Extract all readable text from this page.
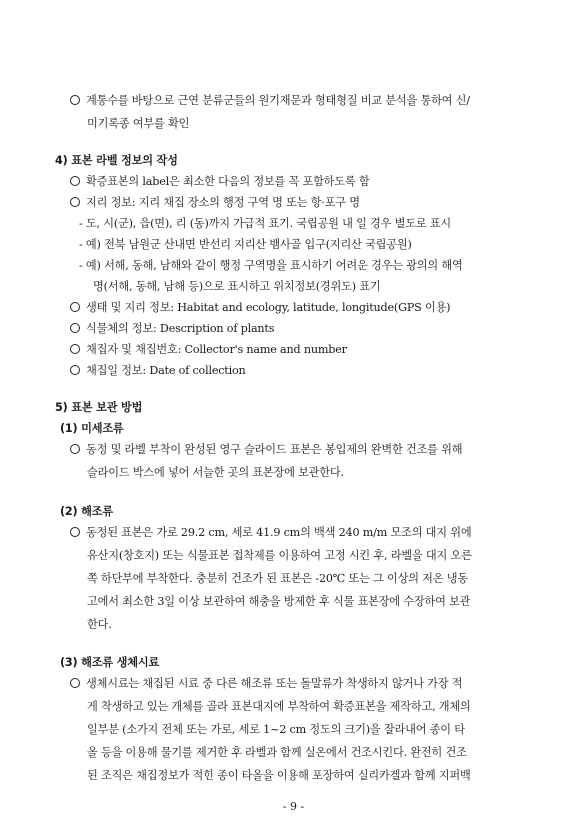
계통수를 바탕으로 근연 분류군들의 원기재문과 형태형질 비교 분석을 통하여 신/
미기록종 여부를 확인
4) 표본 라벨 정보의 작성
확증표본의 label은 최소한 다음의 정보를 꼭 포함하도록 함
지리 정보: 지리 채집 장소의 행정 구역 명 또는 항·포구 명
- 도, 시(군), 읍(면), 리 (동)까지 가급적 표기. 국립공원 내 일 경우 별도로 표시
- 예) 전북 남원군 산내면 반선리 지리산 뱀사골 입구(지리산 국립공원)
- 예) 서해, 동해, 남해와 같이 행정 구역명을 표시하기 어려운 경우는 광의의 해역
명(서해, 동해, 남해 등)으로 표시하고 위치정보(경위도) 표기
생태 및 지리 정보: Habitat and ecology, latitude, longitude(GPS 이용)
식물체의 정보: Description of plants
채집자 및 채집번호: Collector's name and number
채집일 정보: Date of collection
5) 표본 보관 방법
(1) 미세조류
동정 및 라벨 부착이 완성된 영구 슬라이드 표본은 봉입제의 완벽한 건조를 위해
슬라이드 박스에 넣어 서늘한 곳의 표본장에 보관한다.
(2) 해조류
동정된 표본은 가로 29.2 cm, 세로 41.9 cm의 백색 240 m/m 모조의 대지 위에
유산지(창호지) 또는 식물표본 접착제를 이용하여 고정 시킨 후, 라벨을 대지 오른
쪽 하단부에 부착한다. 충분히 건조가 된 표본은 -20℃ 또는 그 이상의 저온 냉동
고에서 최소한 3일 이상 보관하여 해충을 방제한 후 식물 표본장에 수장하여 보관
한다.
(3) 해조류 생체시료
생체시료는 채집된 시료 중 다른 해조류 또는 돌말류가 착생하지 않거나 가장 적
게 착생하고 있는 개체를 골라 표본대지에 부착하여 확증표본을 제작하고, 개체의
일부분 (소가지 전체 또는 가로, 세로 1~2 cm 정도의 크기)을 잘라내어 종이 타
올 등을 이용해 물기를 제거한 후 라벨과 함께 실온에서 건조시킨다. 완전히 건조
된 조직은 채집정보가 적힌 종이 타올을 이용해 포장하여 실리카겔과 함께 지퍼백
- 9 -
